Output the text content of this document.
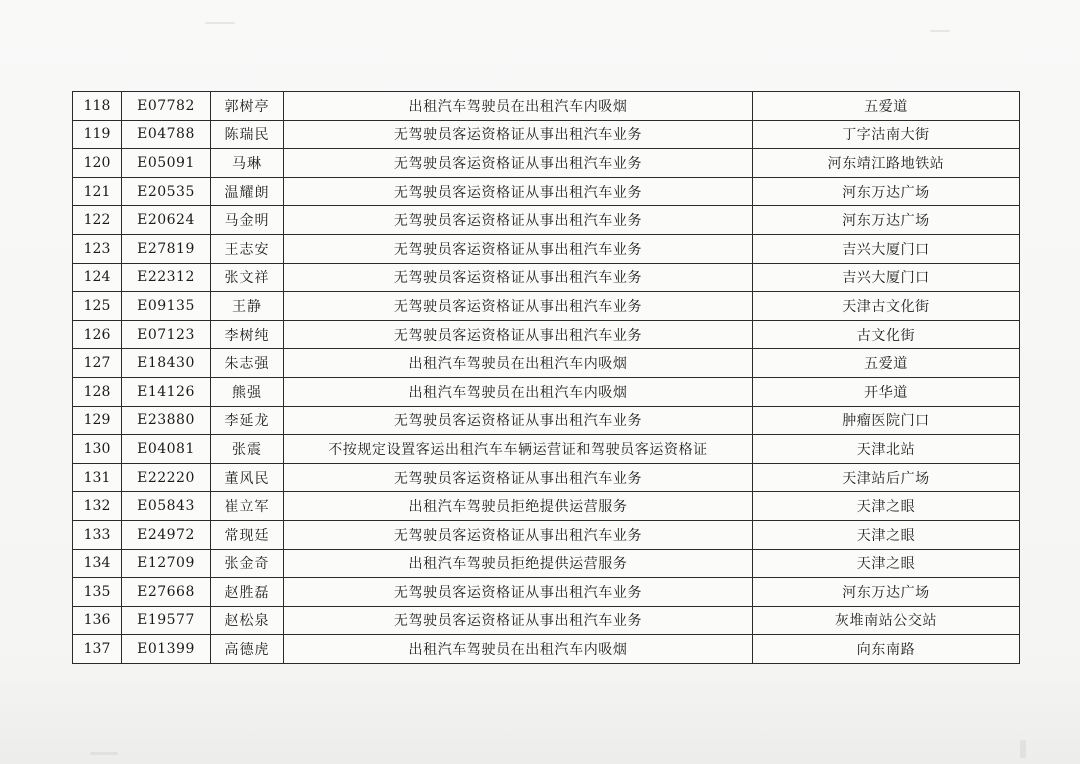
118	E07782	郭树亭	出租汽车驾驶员在出租汽车内吸烟	五爱道
119	E04788	陈瑞民	无驾驶员客运资格证从事出租汽车业务	丁字沽南大街
120	E05091	马琳	无驾驶员客运资格证从事出租汽车业务	河东靖江路地铁站
121	E20535	温耀朗	无驾驶员客运资格证从事出租汽车业务	河东万达广场
122	E20624	马金明	无驾驶员客运资格证从事出租汽车业务	河东万达广场
123	E27819	王志安	无驾驶员客运资格证从事出租汽车业务	吉兴大厦门口
124	E22312	张文祥	无驾驶员客运资格证从事出租汽车业务	吉兴大厦门口
125	E09135	王静	无驾驶员客运资格证从事出租汽车业务	天津古文化街
126	E07123	李树纯	无驾驶员客运资格证从事出租汽车业务	古文化街
127	E18430	朱志强	出租汽车驾驶员在出租汽车内吸烟	五爱道
128	E14126	熊强	出租汽车驾驶员在出租汽车内吸烟	开华道
129	E23880	李延龙	无驾驶员客运资格证从事出租汽车业务	肿瘤医院门口
130	E04081	张震	不按规定设置客运出租汽车车辆运营证和驾驶员客运资格证	天津北站
131	E22220	董风民	无驾驶员客运资格证从事出租汽车业务	天津站后广场
132	E05843	崔立军	出租汽车驾驶员拒绝提供运营服务	天津之眼
133	E24972	常现廷	无驾驶员客运资格证从事出租汽车业务	天津之眼
134	E12709	张金奇	出租汽车驾驶员拒绝提供运营服务	天津之眼
135	E27668	赵胜磊	无驾驶员客运资格证从事出租汽车业务	河东万达广场
136	E19577	赵松泉	无驾驶员客运资格证从事出租汽车业务	灰堆南站公交站
137	E01399	高德虎	出租汽车驾驶员在出租汽车内吸烟	向东南路
